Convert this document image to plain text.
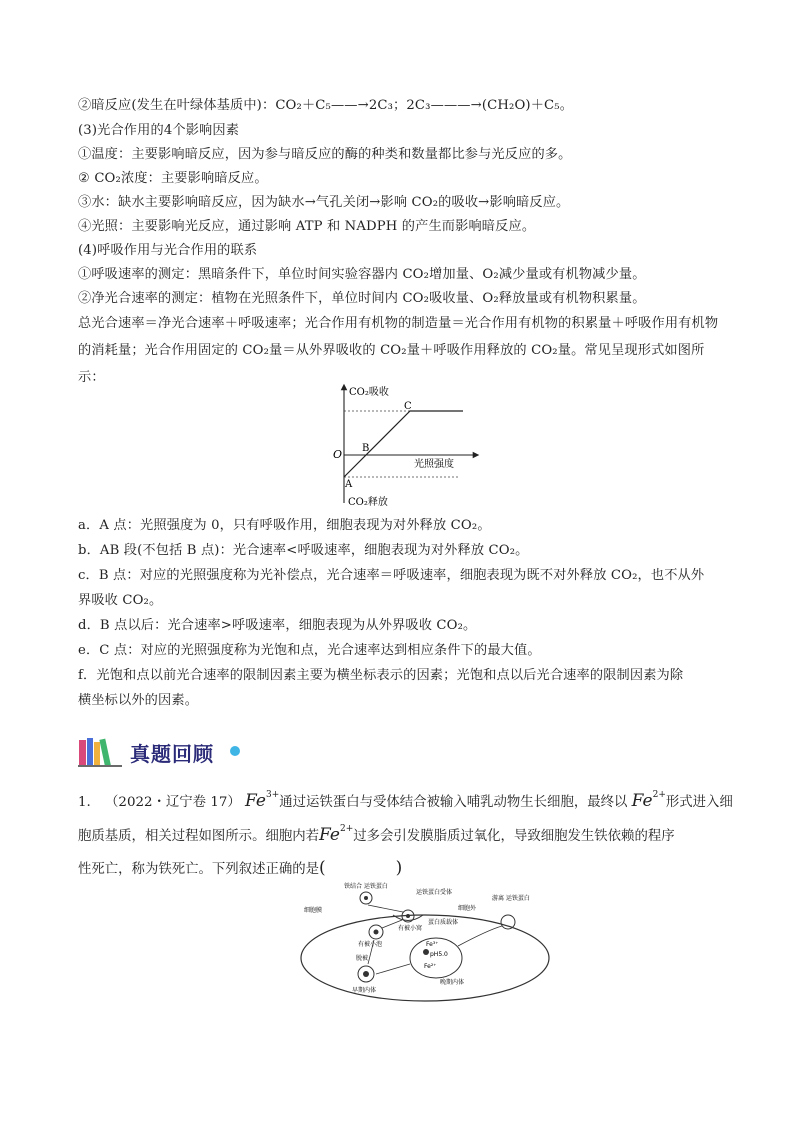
②暗反应(发生在叶绿体基质中)：CO₂＋C₅——→2C₃；2C₃———→(CH₂O)＋C₅。
(3)光合作用的4个影响因素
①温度：主要影响暗反应，因为参与暗反应的酶的种类和数量都比参与光反应的多。
② CO₂浓度：主要影响暗反应。
③水：缺水主要影响暗反应，因为缺水→气孔关闭→影响 CO₂的吸收→影响暗反应。
④光照：主要影响光反应，通过影响 ATP 和 NADPH 的产生而影响暗反应。
(4)呼吸作用与光合作用的联系
①呼吸速率的测定：黑暗条件下，单位时间实验容器内 CO₂增加量、O₂减少量或有机物减少量。
②净光合速率的测定：植物在光照条件下，单位时间内 CO₂吸收量、O₂释放量或有机物积累量。
总光合速率＝净光合速率＋呼吸速率；光合作用有机物的制造量＝光合作用有机物的积累量＋呼吸作用有机物的消耗量；光合作用固定的 CO₂量＝从外界吸收的 CO₂量＋呼吸作用释放的 CO₂量。常见呈现形式如图所示：
CO₂吸收
CO₂释放
光照强度
O
A
B
C
a．A 点：光照强度为 0，只有呼吸作用，细胞表现为对外释放 CO₂。
b．AB 段(不包括 B 点)：光合速率<呼吸速率，细胞表现为对外释放 CO₂。
c．B 点：对应的光照强度称为光补偿点，光合速率＝呼吸速率，细胞表现为既不对外释放 CO₂，也不从外
界吸收 CO₂。
d．B 点以后：光合速率>呼吸速率，细胞表现为从外界吸收 CO₂。
e．C 点：对应的光照强度称为光饱和点，光合速率达到相应条件下的最大值。
f．光饱和点以前光合速率的限制因素主要为横坐标表示的因素；光饱和点以后光合速率的限制因素为除
横坐标以外的因素。
真题回顾
1. （2022・辽宁卷 17） $Fe^{3+}$通过运铁蛋白与受体结合被输入哺乳动物生长细胞，最终以 $Fe^{2+}$形式进入细
胞质基质，相关过程如图所示。细胞内若$Fe^{2+}$过多会引发膜脂质过氧化，导致细胞发生铁依赖的程序
性死亡，称为铁死亡。下列叙述正确的是(	)
铁结合 运铁蛋白
运铁蛋白受体
细胞外
游离 运铁蛋白
细胞膜
有被小窝
蛋白质载体
有被小泡
脱被
pH5.0
Fe³⁺
Fe²⁺
早期内体
晚期内体
